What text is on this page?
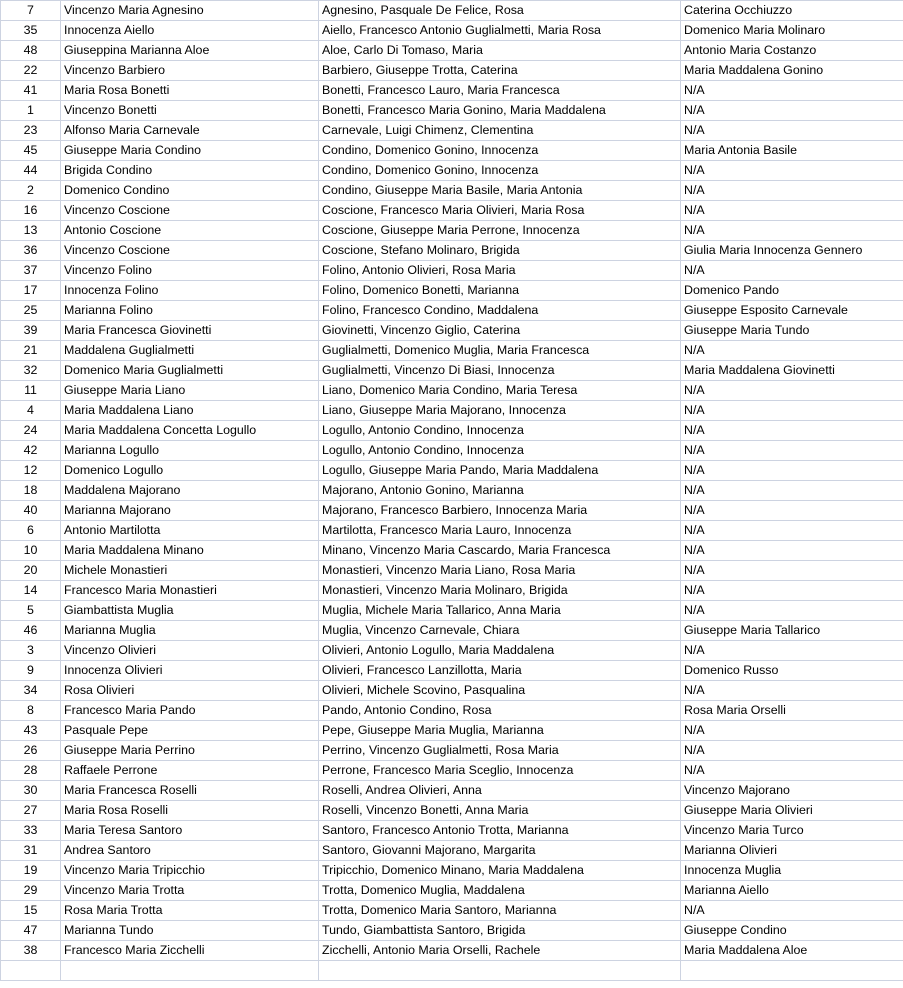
7	Vincenzo Maria Agnesino	Agnesino, Pasquale De Felice, Rosa	Caterina Occhiuzzo
35	Innocenza Aiello	Aiello, Francesco Antonio Guglialmetti, Maria Rosa	Domenico Maria Molinaro
48	Giuseppina Marianna Aloe	Aloe, Carlo Di Tomaso, Maria	Antonio Maria Costanzo
22	Vincenzo Barbiero	Barbiero, Giuseppe Trotta, Caterina	Maria Maddalena Gonino
41	Maria Rosa Bonetti	Bonetti, Francesco Lauro, Maria Francesca	N/A
1	Vincenzo Bonetti	Bonetti, Francesco Maria Gonino, Maria Maddalena	N/A
23	Alfonso Maria Carnevale	Carnevale, Luigi Chimenz, Clementina	N/A
45	Giuseppe Maria Condino	Condino, Domenico Gonino, Innocenza	Maria Antonia Basile
44	Brigida Condino	Condino, Domenico Gonino, Innocenza	N/A
2	Domenico Condino	Condino, Giuseppe Maria Basile, Maria Antonia	N/A
16	Vincenzo Coscione	Coscione, Francesco Maria Olivieri, Maria Rosa	N/A
13	Antonio Coscione	Coscione, Giuseppe Maria Perrone, Innocenza	N/A
36	Vincenzo Coscione	Coscione, Stefano Molinaro, Brigida	Giulia Maria Innocenza Gennero
37	Vincenzo Folino	Folino, Antonio Olivieri, Rosa Maria	N/A
17	Innocenza Folino	Folino, Domenico Bonetti, Marianna	Domenico Pando
25	Marianna Folino	Folino, Francesco Condino, Maddalena	Giuseppe Esposito Carnevale
39	Maria Francesca Giovinetti	Giovinetti, Vincenzo Giglio, Caterina	Giuseppe Maria Tundo
21	Maddalena Guglialmetti	Guglialmetti, Domenico Muglia, Maria Francesca	N/A
32	Domenico Maria Guglialmetti	Guglialmetti, Vincenzo Di Biasi, Innocenza	Maria Maddalena Giovinetti
11	Giuseppe Maria Liano	Liano, Domenico Maria Condino, Maria Teresa	N/A
4	Maria Maddalena Liano	Liano, Giuseppe Maria Majorano, Innocenza	N/A
24	Maria Maddalena Concetta Logullo	Logullo, Antonio Condino, Innocenza	N/A
42	Marianna Logullo	Logullo, Antonio Condino, Innocenza	N/A
12	Domenico Logullo	Logullo, Giuseppe Maria Pando, Maria Maddalena	N/A
18	Maddalena Majorano	Majorano, Antonio Gonino, Marianna	N/A
40	Marianna Majorano	Majorano, Francesco Barbiero, Innocenza Maria	N/A
6	Antonio Martilotta	Martilotta, Francesco Maria Lauro, Innocenza	N/A
10	Maria Maddalena Minano	Minano, Vincenzo Maria Cascardo, Maria Francesca	N/A
20	Michele Monastieri	Monastieri, Vincenzo Maria Liano, Rosa Maria	N/A
14	Francesco Maria Monastieri	Monastieri, Vincenzo Maria Molinaro, Brigida	N/A
5	Giambattista Muglia	Muglia, Michele Maria Tallarico, Anna Maria	N/A
46	Marianna Muglia	Muglia, Vincenzo Carnevale, Chiara	Giuseppe Maria Tallarico
3	Vincenzo Olivieri	Olivieri, Antonio Logullo, Maria Maddalena	N/A
9	Innocenza Olivieri	Olivieri, Francesco Lanzillotta, Maria	Domenico Russo
34	Rosa Olivieri	Olivieri, Michele Scovino, Pasqualina	N/A
8	Francesco Maria Pando	Pando, Antonio Condino, Rosa	Rosa Maria Orselli
43	Pasquale Pepe	Pepe, Giuseppe Maria Muglia, Marianna	N/A
26	Giuseppe Maria Perrino	Perrino, Vincenzo Guglialmetti, Rosa Maria	N/A
28	Raffaele Perrone	Perrone, Francesco Maria Sceglio, Innocenza	N/A
30	Maria Francesca Roselli	Roselli, Andrea Olivieri, Anna	Vincenzo Majorano
27	Maria Rosa Roselli	Roselli, Vincenzo Bonetti, Anna Maria	Giuseppe Maria Olivieri
33	Maria Teresa Santoro	Santoro, Francesco Antonio Trotta, Marianna	Vincenzo Maria Turco
31	Andrea Santoro	Santoro, Giovanni Majorano, Margarita	Marianna Olivieri
19	Vincenzo Maria Tripicchio	Tripicchio, Domenico Minano, Maria Maddalena	Innocenza Muglia
29	Vincenzo Maria Trotta	Trotta, Domenico Muglia, Maddalena	Marianna Aiello
15	Rosa Maria Trotta	Trotta, Domenico Maria Santoro, Marianna	N/A
47	Marianna Tundo	Tundo, Giambattista Santoro, Brigida	Giuseppe Condino
38	Francesco Maria Zicchelli	Zicchelli, Antonio Maria Orselli, Rachele	Maria Maddalena Aloe
